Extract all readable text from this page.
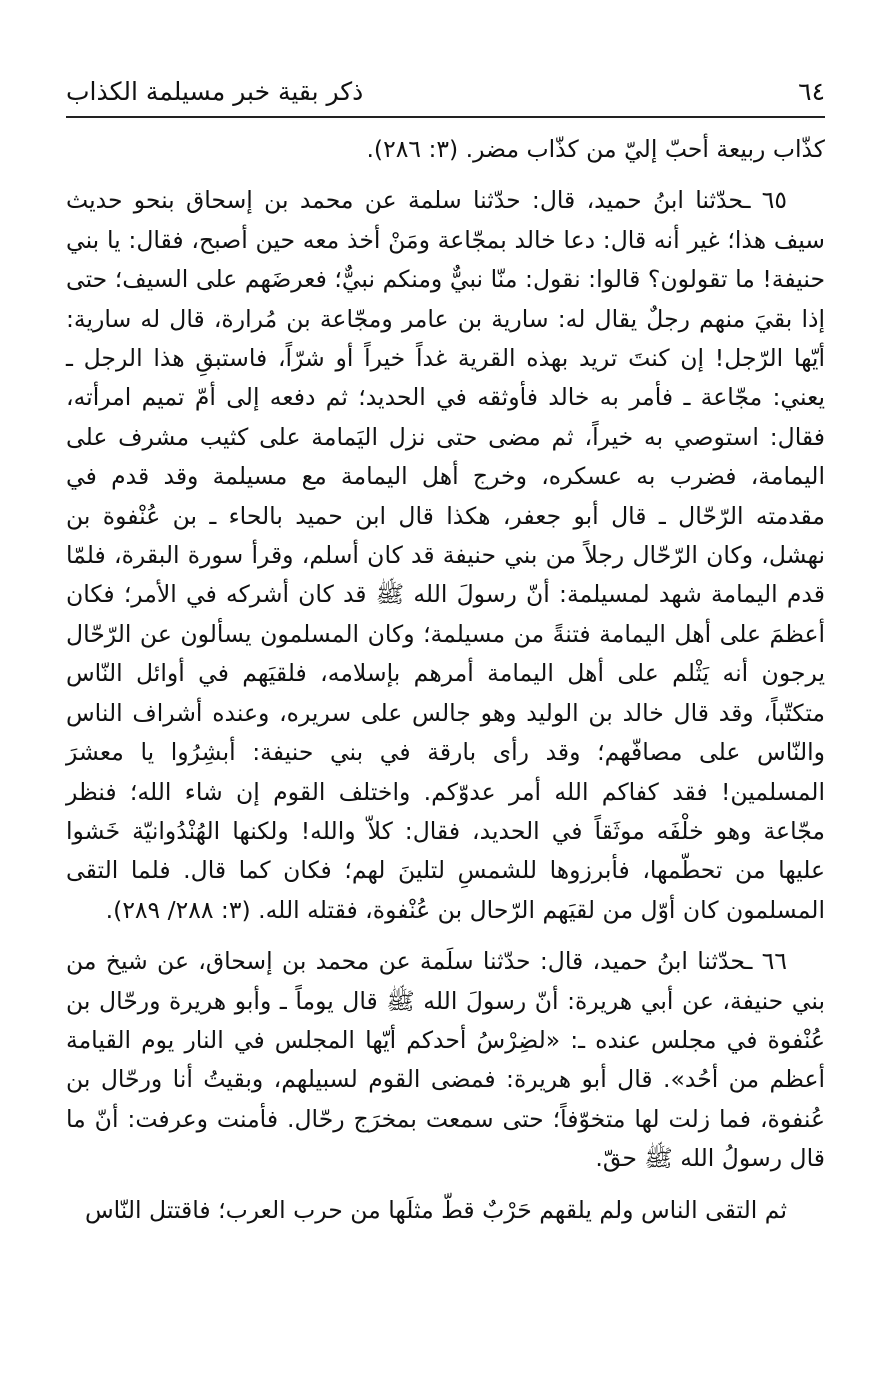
٦٤
ذكر بقية خبر مسيلمة الكذاب

كذّاب ربيعة أحبّ إليّ من كذّاب مضر. (٣: ٢٨٦).

٦٥ ـحدّثنا ابنُ حميد، قال: حدّثنا سلمة عن محمد بن إسحاق بنحو حديث سيف هذا؛ غير أنه قال: دعا خالد بمجّاعة ومَنْ أخذ معه حين أصبح، فقال: يا بني حنيفة! ما تقولون؟ قالوا: نقول: منّا نبيٌّ ومنكم نبيٌّ؛ فعرضَهم على السيف؛ حتى إذا بقيَ منهم رجلٌ يقال له: سارية بن عامر ومجّاعة بن مُرارة، قال له سارية: أيّها الرّجل! إن كنتَ تريد بهذه القرية غداً خيراً أو شرّاً، فاستبقِ هذا الرجل ـ يعني: مجّاعة ـ فأمر به خالد فأوثقه في الحديد؛ ثم دفعه إلى أمّ تميم امرأته، فقال: استوصي به خيراً، ثم مضى حتى نزل اليَمامة على كثيب مشرف على اليمامة، فضرب به عسكره، وخرج أهل اليمامة مع مسيلمة وقد قدم في مقدمته الرّحّال ـ قال أبو جعفر، هكذا قال ابن حميد بالحاء ـ بن عُنْفوة بن نهشل، وكان الرّحّال رجلاً من بني حنيفة قد كان أسلم، وقرأ سورة البقرة، فلمّا قدم اليمامة شهد لمسيلمة: أنّ رسولَ الله ﷺ قد كان أشركه في الأمر؛ فكان أعظمَ على أهل اليمامة فتنةً من مسيلمة؛ وكان المسلمون يسألون عن الرّحّال يرجون أنه يَثْلم على أهل اليمامة أمرهم بإسلامه، فلقيَهم في أوائل النّاس متكتّباً، وقد قال خالد بن الوليد وهو جالس على سريره، وعنده أشراف الناس والنّاس على مصافّهم؛ وقد رأى بارقة في بني حنيفة: أبشِرُوا يا معشرَ المسلمين! فقد كفاكم الله أمر عدوّكم. واختلف القوم إن شاء الله؛ فنظر مجّاعة وهو خلْفَه موثَقاً في الحديد، فقال: كلاّ والله! ولكنها الهُنْدُوانيّة خَشوا عليها من تحطّمها، فأبرزوها للشمسِ لتلينَ لهم؛ فكان كما قال. فلما التقى المسلمون كان أوّل من لقيَهم الرّحال بن عُنْفوة، فقتله الله. (٣: ٢٨٨/ ٢٨٩).

٦٦ ـحدّثنا ابنُ حميد، قال: حدّثنا سلَمة عن محمد بن إسحاق، عن شيخ من بني حنيفة، عن أبي هريرة: أنّ رسولَ الله ﷺ قال يوماً ـ وأبو هريرة ورحّال بن عُنْفوة في مجلس عنده ـ: «لضِرْسُ أحدكم أيّها المجلس في النار يوم القيامة أعظم من أحُد». قال أبو هريرة: فمضى القوم لسبيلهم، وبقيتُ أنا ورحّال بن عُنفوة، فما زلت لها متخوّفاً؛ حتى سمعت بمخرَج رحّال. فأمنت وعرفت: أنّ ما قال رسولُ الله ﷺ حقّ.

ثم التقى الناس ولم يلقهم حَرْبٌ قطّ مثلَها من حرب العرب؛ فاقتتل النّاس
